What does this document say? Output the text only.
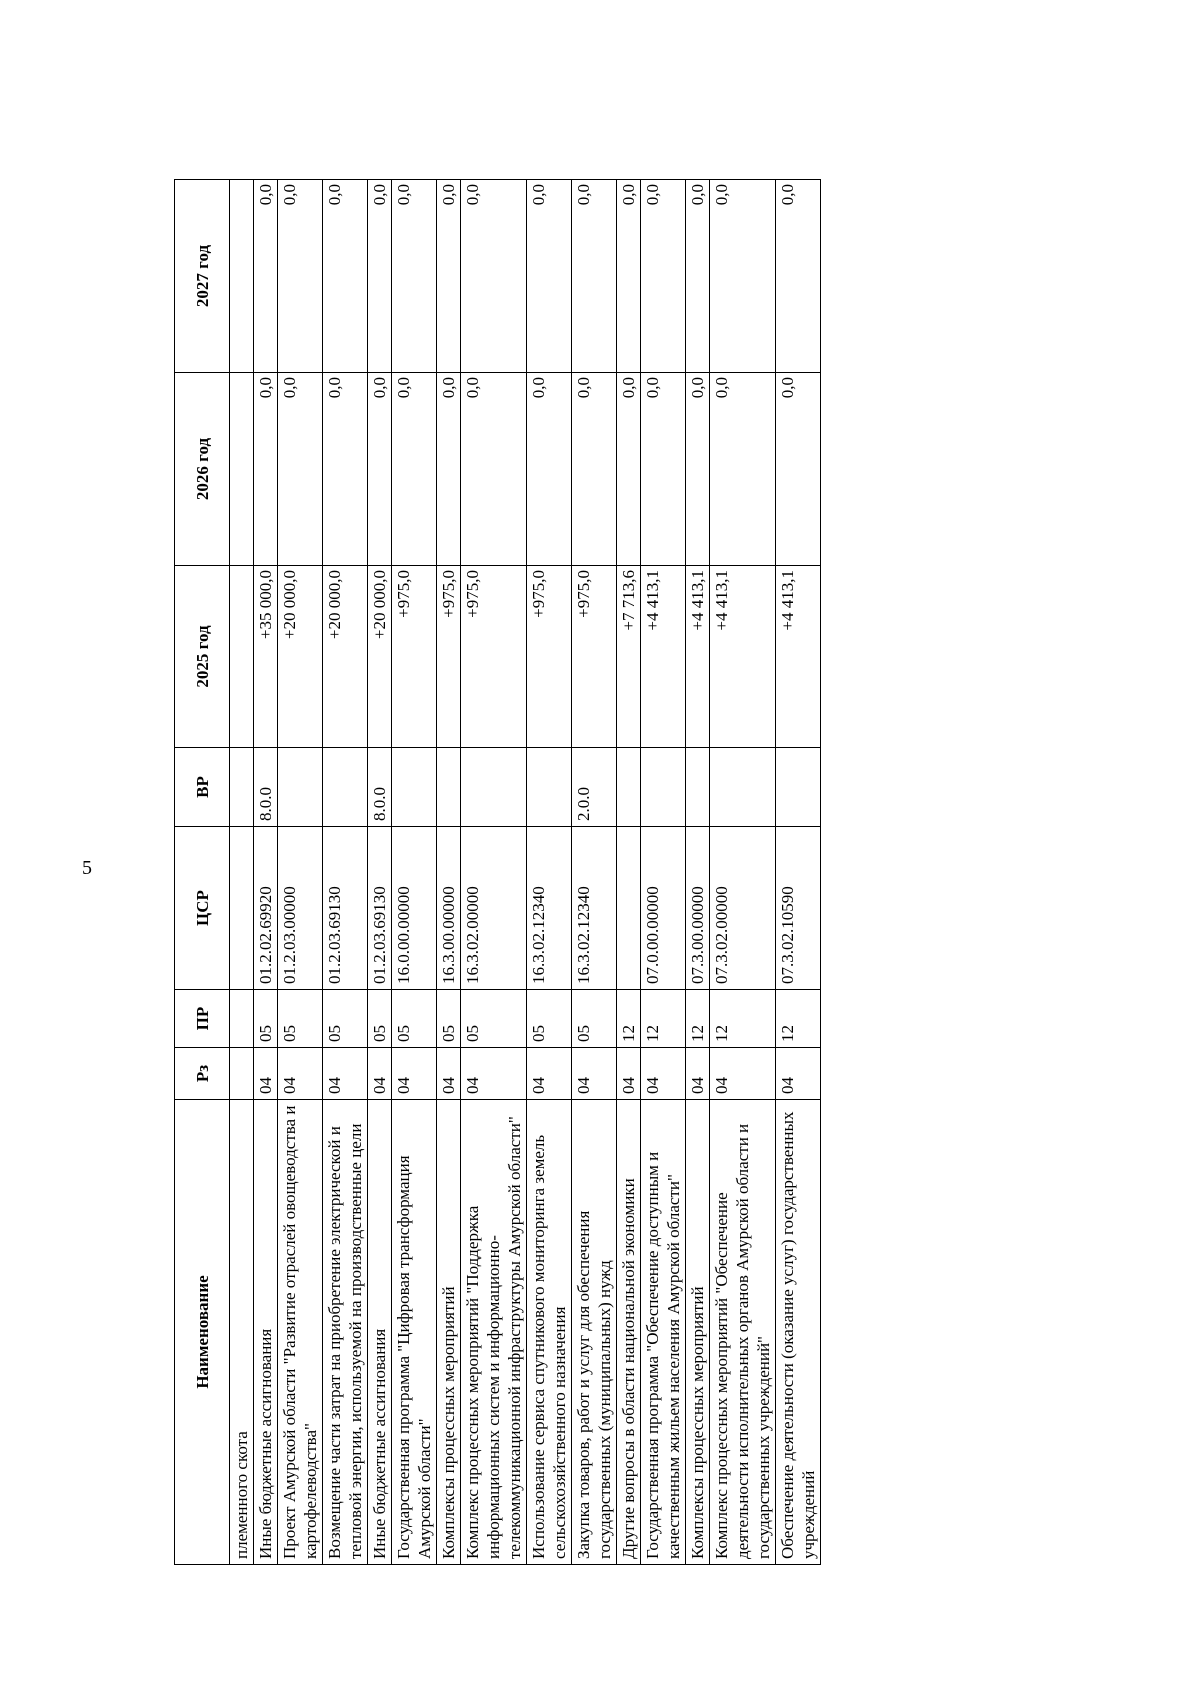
5
Наименование	Рз	ПР	ЦСР	ВР	2025 год	2026 год	2027 год
племенного скота							
Иные бюджетные ассигнования	04	05	01.2.02.69920	8.0.0	+35 000,0	0,0	0,0
Проект Амурской области "Развитие отраслей овощеводства и картофелеводства"	04	05	01.2.03.00000		+20 000,0	0,0	0,0
Возмещение части затрат на приобретение электрической и тепловой энергии, используемой на производственные цели	04	05	01.2.03.69130		+20 000,0	0,0	0,0
Иные бюджетные ассигнования	04	05	01.2.03.69130	8.0.0	+20 000,0	0,0	0,0
Государственная программа "Цифровая трансформация Амурской области"	04	05	16.0.00.00000		+975,0	0,0	0,0
Комплексы процессных мероприятий	04	05	16.3.00.00000		+975,0	0,0	0,0
Комплекс процессных мероприятий "Поддержка информационных систем и информационно-телекоммуникационной инфраструктуры Амурской области"	04	05	16.3.02.00000		+975,0	0,0	0,0
Использование сервиса спутникового мониторинга земель сельскохозяйственного назначения	04	05	16.3.02.12340		+975,0	0,0	0,0
Закупка товаров, работ и услуг для обеспечения государственных (муниципальных) нужд	04	05	16.3.02.12340	2.0.0	+975,0	0,0	0,0
Другие вопросы в области национальной экономики	04	12			+7 713,6	0,0	0,0
Государственная программа "Обеспечение доступным и качественным жильем населения Амурской области"	04	12	07.0.00.00000		+4 413,1	0,0	0,0
Комплексы процессных мероприятий	04	12	07.3.00.00000		+4 413,1	0,0	0,0
Комплекс процессных мероприятий "Обеспечение деятельности исполнительных органов Амурской области и государственных учреждений"	04	12	07.3.02.00000		+4 413,1	0,0	0,0
Обеспечение деятельности (оказание услуг) государственных учреждений	04	12	07.3.02.10590		+4 413,1	0,0	0,0
